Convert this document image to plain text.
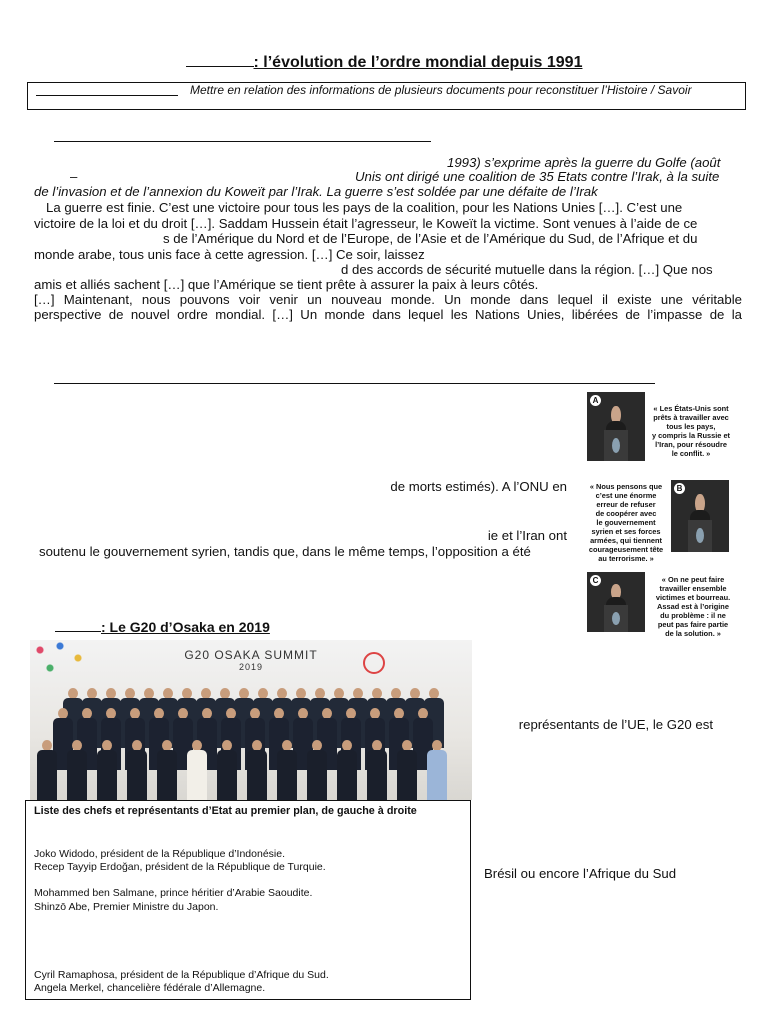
: l’évolution de l’ordre mondial depuis 1991
Mettre en relation des informations de plusieurs documents pour reconstituer l’Histoire / Savoir
1993) s’exprime après la guerre du Golfe (août
–	Unis ont dirigé une coalition de 35 Etats contre l’Irak, à la suite
de l’invasion et de l’annexion du Koweït par l’Irak. La guerre s’est soldée par une défaite de l’Irak
La guerre est finie. C’est une victoire pour tous les pays de la coalition, pour les Nations Unies […]. C’est une
victoire de la loi et du droit […]. Saddam Hussein était l’agresseur, le Koweït la victime. Sont venues à l’aide de ce
s de l’Amérique du Nord et de l’Europe, de l’Asie et de l’Amérique du Sud, de l’Afrique et du
monde arabe, tous unis face à cette agression. […] Ce soir, laissez
d des accords de sécurité mutuelle dans la région. […] Que nos
amis et alliés sachent […] que l’Amérique se tient prête à assurer la paix à leurs côtés.
[…] Maintenant, nous pouvons voir venir un nouveau monde. Un monde dans lequel il existe une véritable
perspective de nouvel ordre mondial. […] Un monde dans lequel les Nations Unies, libérées de l’impasse de la
de morts estimés). A l’ONU en
ie et l’Iran ont
soutenu le gouvernement syrien, tandis que, dans le même temps, l’opposition a été
A
« Les États-Unis sont
prêts à travailler avec
tous les pays,
y compris la Russie et
l’Iran, pour résoudre
le conflit. »
B
« Nous pensons que
c’est une énorme
erreur de refuser
de coopérer avec
le gouvernement
syrien et ses forces
armées, qui tiennent
courageusement tête
au terrorisme. »
C	« On ne peut faire
travailler ensemble
victimes et bourreau.
Assad est à l’origine
du problème : il ne
peut pas faire partie
de la solution. »
: Le G20 d’Osaka en 2019
G20 OSAKA SUMMIT
2019
représentants de l’UE, le G20 est
Brésil ou encore l’Afrique du Sud
Liste des chefs et représentants d’Etat au premier plan, de gauche à droite
Joko Widodo, président de la République d’Indonésie.
Recep Tayyip Erdoğan, président de la République de Turquie.
Mohammed ben Salmane, prince héritier d’Arabie Saoudite.
Shinzō Abe, Premier Ministre du Japon.
Cyril Ramaphosa, président de la République d’Afrique du Sud.
Angela Merkel, chancelière fédérale d’Allemagne.
